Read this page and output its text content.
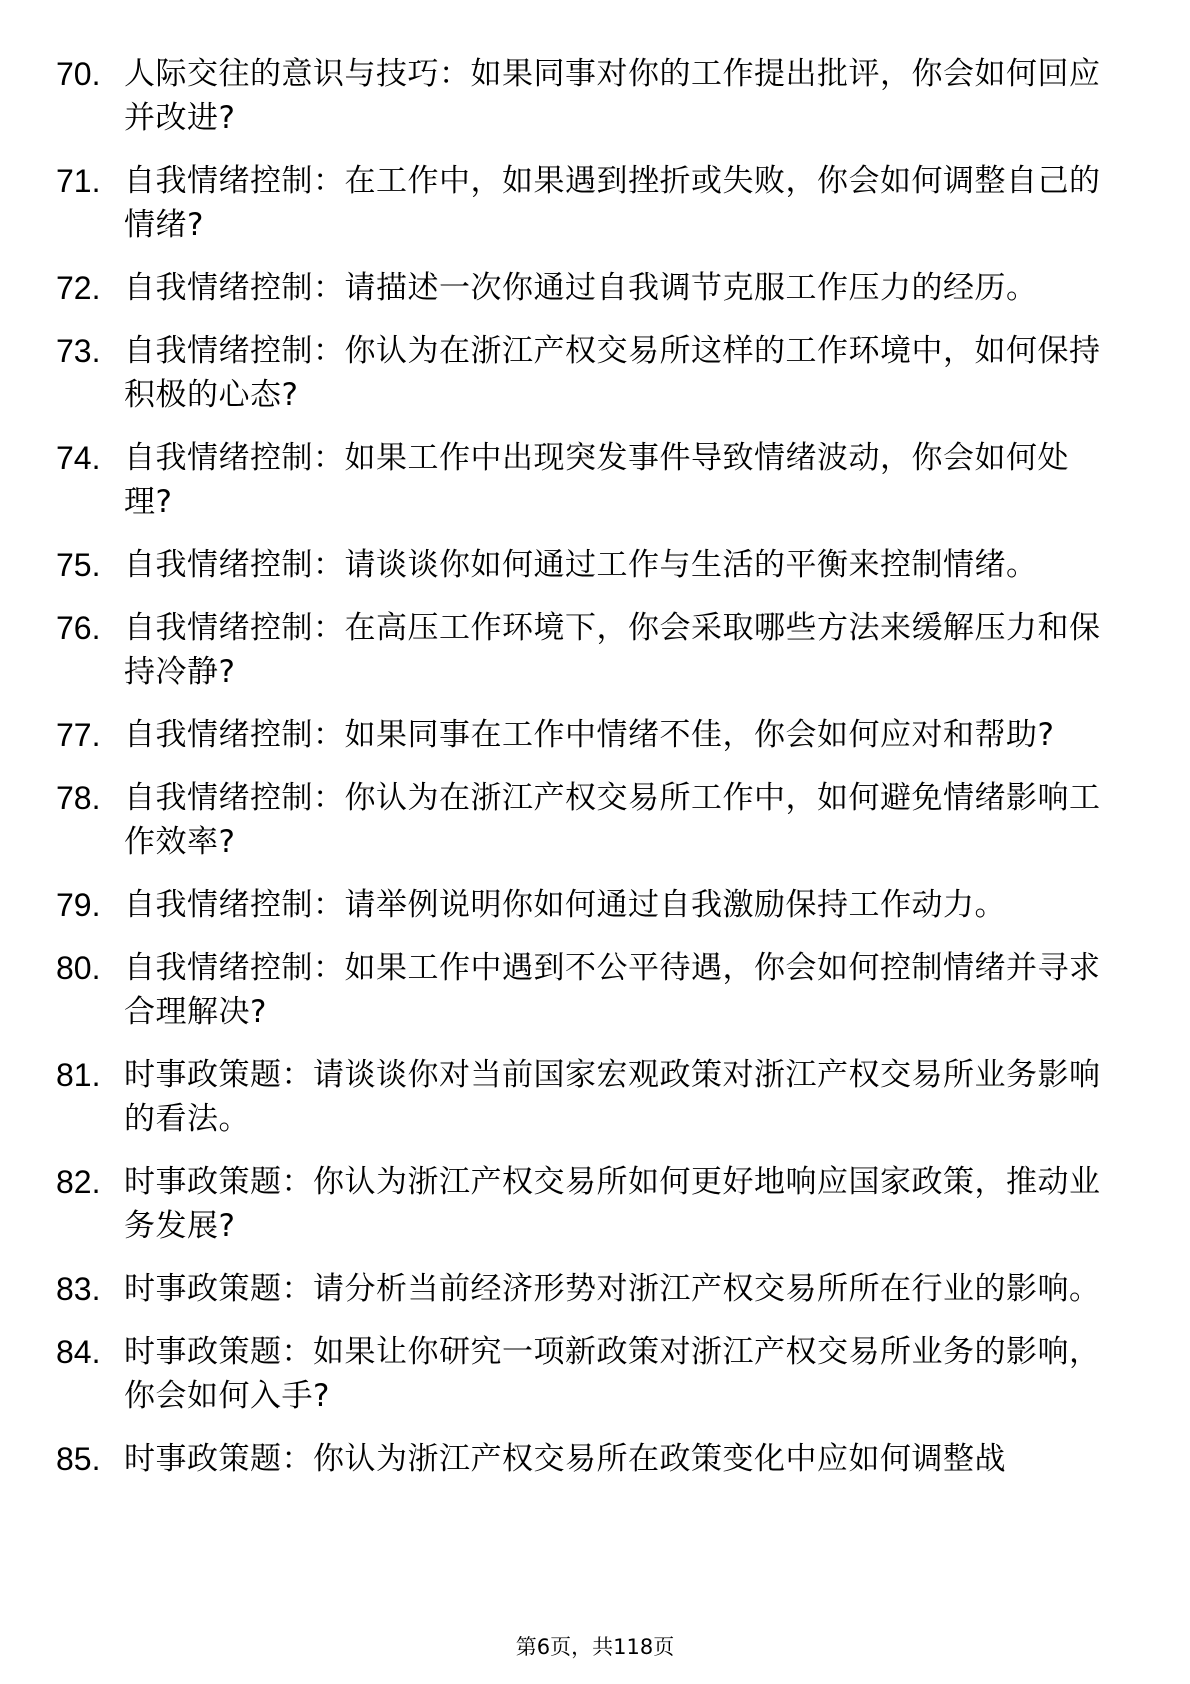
70 .	人际交往的意识与技巧：如果同事对你的工作提出批评，你会如何回应并改进?
71 .	自我情绪控制：在工作中，如果遇到挫折或失败，你会如何调整自己的情绪?
72 .	自我情绪控制：请描述一次你通过自我调节克服工作压力的经历。
73 .	自我情绪控制：你认为在浙江产权交易所这样的工作环境中，如何保持积极的心态?
74 .	自我情绪控制：如果工作中出现突发事件导致情绪波动，你会如何处理?
75 .	自我情绪控制：请谈谈你如何通过工作与生活的平衡来控制情绪。
76 .	自我情绪控制：在高压工作环境下，你会采取哪些方法来缓解压力和保持冷静?
77 .	自我情绪控制：如果同事在工作中情绪不佳，你会如何应对和帮助?
78 .	自我情绪控制：你认为在浙江产权交易所工作中，如何避免情绪影响工作效率?
79 .	自我情绪控制：请举例说明你如何通过自我激励保持工作动力。
80 .	自我情绪控制：如果工作中遇到不公平待遇，你会如何控制情绪并寻求合理解决?
81 .	时事政策题：请谈谈你对当前国家宏观政策对浙江产权交易所业务影响的看法。
82 .	时事政策题：你认为浙江产权交易所如何更好地响应国家政策，推动业务发展?
83 .	时事政策题：请分析当前经济形势对浙江产权交易所所在行业的影响。
84 .	时事政策题：如果让你研究一项新政策对浙江产权交易所业务的影响，你会如何入手?
85 .	时事政策题：你认为浙江产权交易所在政策变化中应如何调整战
第6页，共118页
